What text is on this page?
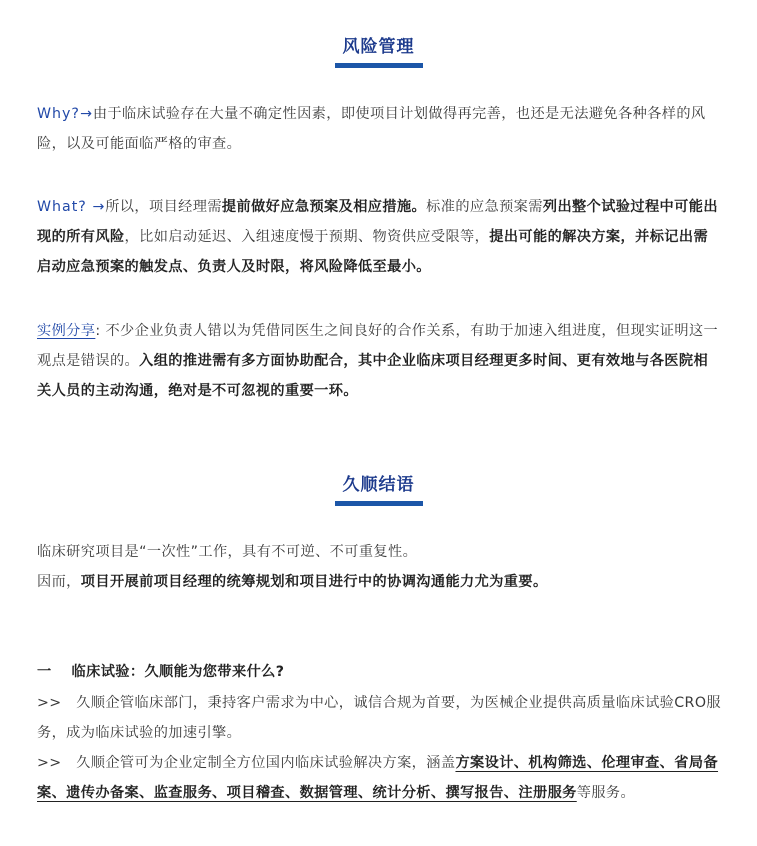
风险管理

Why?→由于临床试验存在大量不确定性因素，即使项目计划做得再完善，也还是无法避免各种各样的风险，以及可能面临严格的审查。

What? →所以，项目经理需提前做好应急预案及相应措施。标准的应急预案需列出整个试验过程中可能出现的所有风险，比如启动延迟、入组速度慢于预期、物资供应受限等，提出可能的解决方案，并标记出需启动应急预案的触发点、负责人及时限，将风险降低至最小。

实例分享: 不少企业负责人错以为凭借同医生之间良好的合作关系，有助于加速入组进度，但现实证明这一观点是错误的。入组的推进需有多方面协助配合，其中企业临床项目经理更多时间、更有效地与各医院相关人员的主动沟通，绝对是不可忽视的重要一环。

久顺结语

临床研究项目是“一次性”工作，具有不可逆、不可重复性。

因而，项目开展前项目经理的统筹规划和项目进行中的协调沟通能力尤为重要。

一　 临床试验：久顺能为您带来什么?

>>　久顺企管临床部门，秉持客户需求为中心，诚信合规为首要，为医械企业提供高质量临床试验CRO服务，成为临床试验的加速引擎。

>>　久顺企管可为企业定制全方位国内临床试验解决方案，涵盖方案设计、机构筛选、伦理审查、省局备案、遗传办备案、监查服务、项目稽查、数据管理、统计分析、撰写报告、注册服务等服务。
